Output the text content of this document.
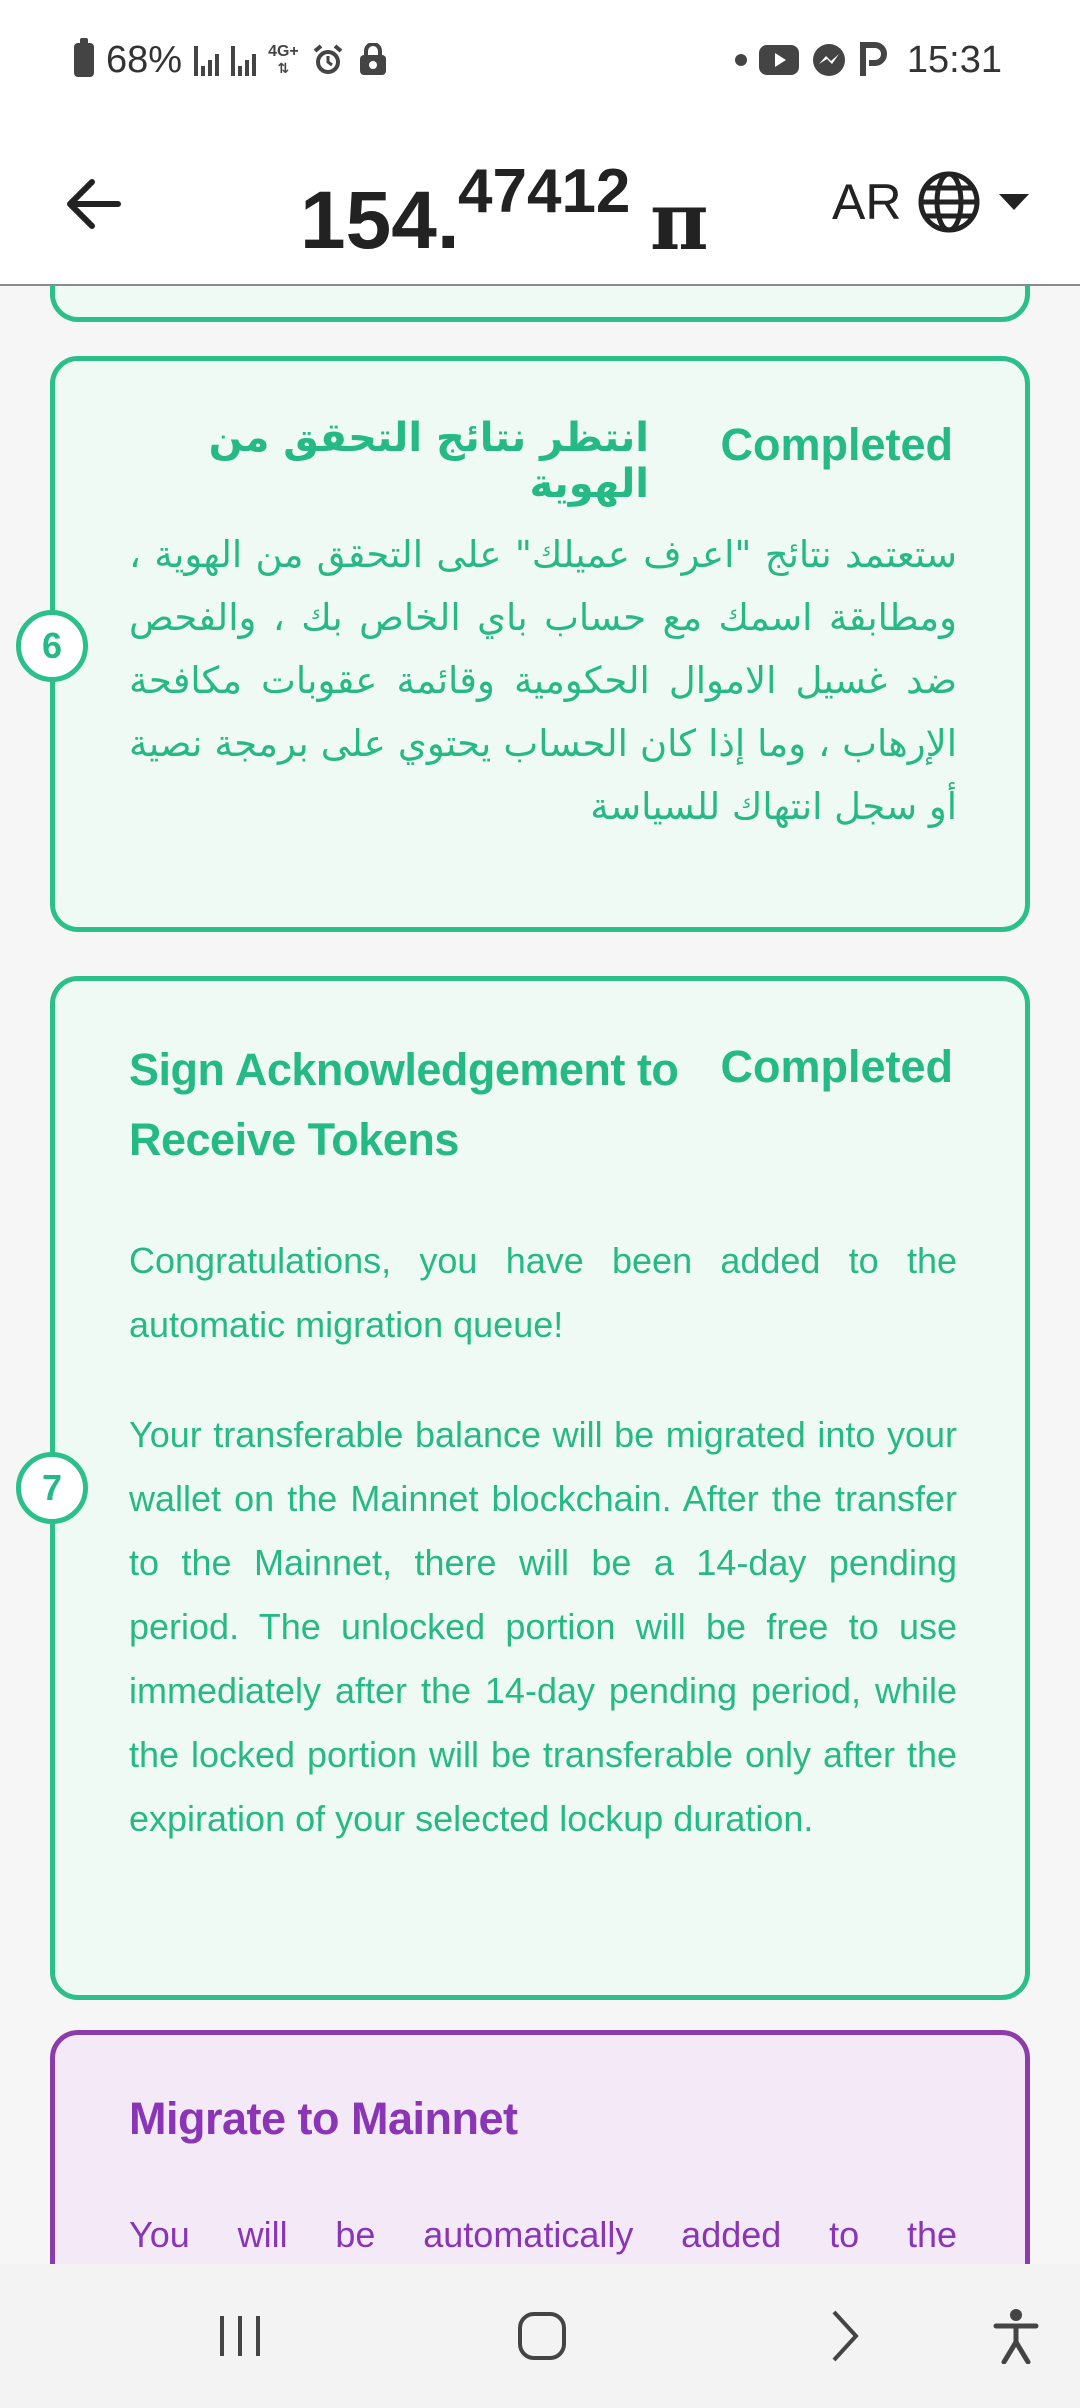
68%	4G+
⇅	15:31
154.
47412 π AR
انتظر نتائج التحقق من الهوية
Completed

ستعتمد نتائج "اعرف عميلك" على التحقق من الهوية ، ومطابقة اسمك مع حساب باي الخاص بك ، والفحص ضد غسيل الاموال الحكومية وقائمة عقوبات مكافحة الإرهاب ، وما إذا كان الحساب يحتوي على برمجة نصية أو سجل انتهاك للسياسة

6
Sign Acknowledgement to Receive Tokens
Completed

Congratulations, you have been added to the automatic migration queue!

Your transferable balance will be migrated into your wallet on the Mainnet blockchain. After the transfer to the Mainnet, there will be a 14-day pending period. The unlocked portion will be free to use immediately after the 14-day pending period, while the locked portion will be transferable only after the expiration of your selected lockup duration.

7
Migrate to Mainnet

You will be automatically added to the
